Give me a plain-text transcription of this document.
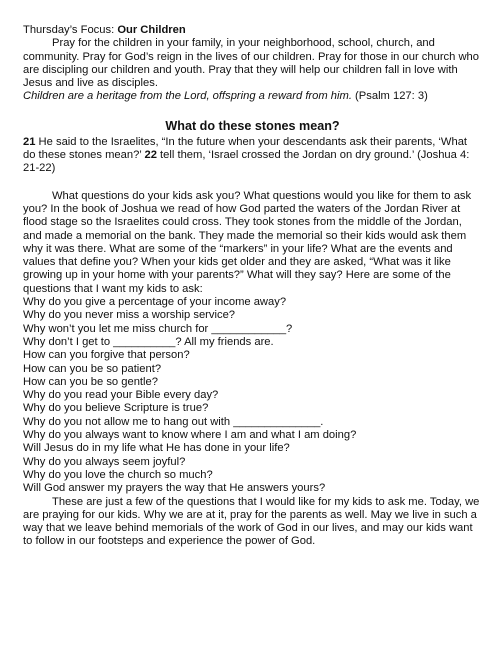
Thursday’s Focus: Our Children

Pray for the children in your family, in your neighborhood, school, church, and community. Pray for God’s reign in the lives of our children. Pray for those in our church who are discipling our children and youth. Pray that they will help our children fall in love with Jesus and live as disciples.

Children are a heritage from the Lord, offspring a reward from him. (Psalm 127: 3)

What do these stones mean?

21 He said to the Israelites, “In the future when your descendants ask their parents, ‘What do these stones mean?’ 22 tell them, ‘Israel crossed the Jordan on dry ground.’ (Joshua 4: 21-22)

What questions do your kids ask you? What questions would you like for them to ask you? In the book of Joshua we read of how God parted the waters of the Jordan River at flood stage so the Israelites could cross. They took stones from the middle of the Jordan, and made a memorial on the bank. They made the memorial so their kids would ask them why it was there. What are some of the “markers” in your life? What are the events and values that define you? When your kids get older and they are asked, “What was it like growing up in your home with your parents?” What will they say? Here are some of the questions that I want my kids to ask:

Why do you give a percentage of your income away?
Why do you never miss a worship service?
Why won’t you let me miss church for ____________?
Why don’t I get to __________? All my friends are.
How can you forgive that person?
How can you be so patient?
How can you be so gentle?
Why do you read your Bible every day?
Why do you believe Scripture is true?
Why do you not allow me to hang out with ______________.
Why do you always want to know where I am and what I am doing?
Will Jesus do in my life what He has done in your life?
Why do you always seem joyful?
Why do you love the church so much?
Will God answer my prayers the way that He answers yours?

These are just a few of the questions that I would like for my kids to ask me. Today, we are praying for our kids. Why we are at it, pray for the parents as well. May we live in such a way that we leave behind memorials of the work of God in our lives, and may our kids want to follow in our footsteps and experience the power of God.
